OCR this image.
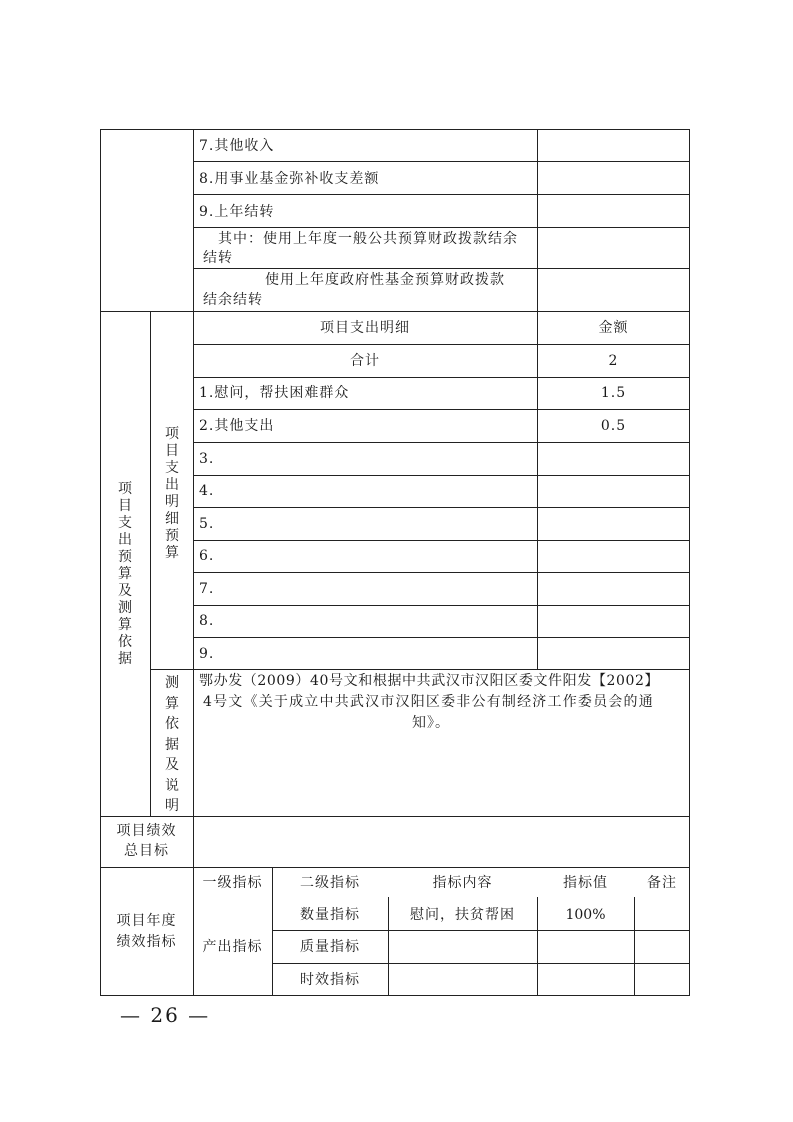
7.其他收入
8.用事业基金弥补收支差额
9.上年结转
其中：使用上年度一般公共预算财政拨款结余
结转
使用上年度政府性基金预算财政拨款
结余结转
项目支出预算及测算依据
项目支出明细预算
测算依据及说明
项目支出明细	金额
合计	2
1.慰问，帮扶困难群众	1.5
2.其他支出	0.5
3.
4.
5.
6.
7.
8.
9.
鄂办发（2009）40号文和根据中共武汉市汉阳区委文件阳发【2002】
4号文《关于成立中共武汉市汉阳区委非公有制经济工作委员会的通
知》。
项目绩效
总目标
项目年度
绩效指标
一级指标	二级指标	指标内容	指标值	备注
产出指标
数量指标	慰问，扶贫帮困	100%
质量指标
时效指标
— 26 —
